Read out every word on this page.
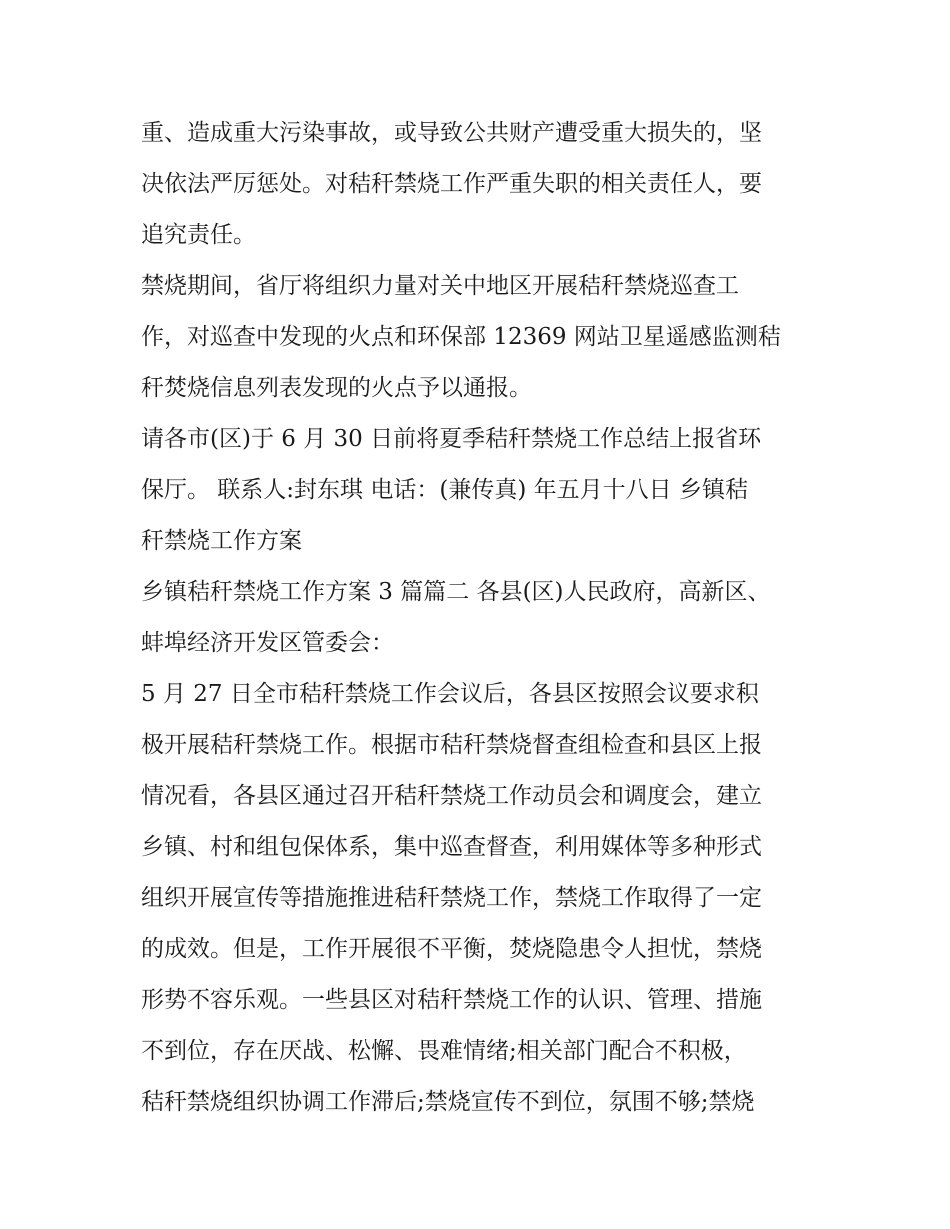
重、造成重大污染事故，或导致公共财产遭受重大损失的，坚
决依法严厉惩处。对秸秆禁烧工作严重失职的相关责任人，要
追究责任。
禁烧期间，省厅将组织力量对关中地区开展秸秆禁烧巡查工
作，对巡查中发现的火点和环保部 12369 网站卫星遥感监测秸
秆焚烧信息列表发现的火点予以通报。
请各市(区)于 6 月 30 日前将夏季秸秆禁烧工作总结上报省环
保厅。 联系人:封东琪 电话：(兼传真) 年五月十八日 乡镇秸
秆禁烧工作方案
乡镇秸秆禁烧工作方案 3 篇篇二 各县(区)人民政府，高新区、
蚌埠经济开发区管委会：
5 月 27 日全市秸秆禁烧工作会议后，各县区按照会议要求积
极开展秸秆禁烧工作。根据市秸秆禁烧督查组检查和县区上报
情况看，各县区通过召开秸秆禁烧工作动员会和调度会，建立
乡镇、村和组包保体系，集中巡查督查，利用媒体等多种形式
组织开展宣传等措施推进秸秆禁烧工作，禁烧工作取得了一定
的成效。但是，工作开展很不平衡，焚烧隐患令人担忧，禁烧
形势不容乐观。一些县区对秸秆禁烧工作的认识、管理、措施
不到位，存在厌战、松懈、畏难情绪;相关部门配合不积极，
秸秆禁烧组织协调工作滞后;禁烧宣传不到位，氛围不够;禁烧
